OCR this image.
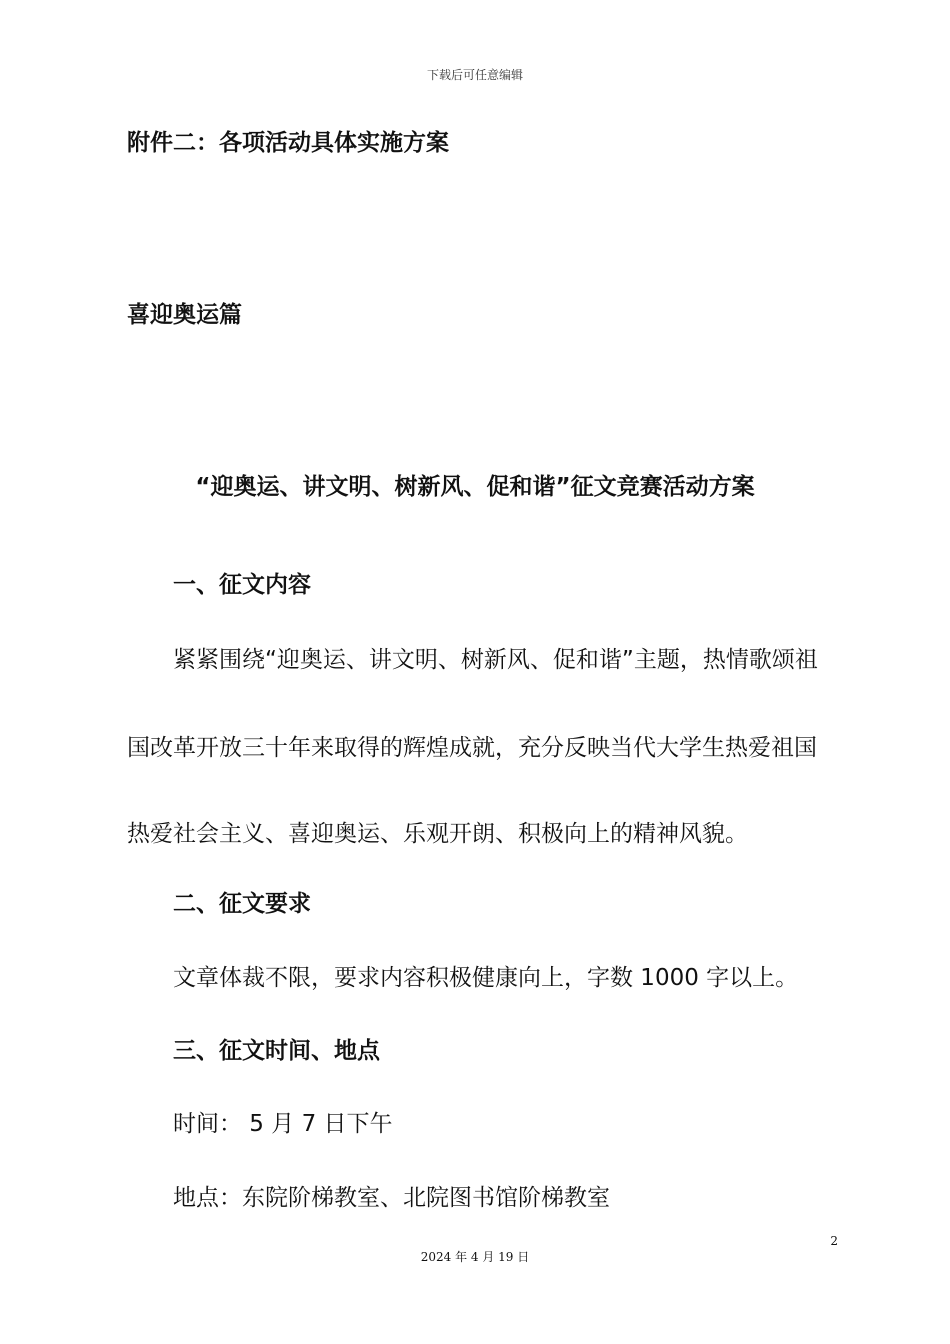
下载后可任意编辑
附件二：各项活动具体实施方案
喜迎奥运篇
“迎奥运、讲文明、树新风、促和谐”征文竞赛活动方案
一、征文内容
紧紧围绕“迎奥运、讲文明、树新风、促和谐”主题，热情歌颂祖
国改革开放三十年来取得的辉煌成就，充分反映当代大学生热爱祖国
热爱社会主义、喜迎奥运、乐观开朗、积极向上的精神风貌。
二、征文要求
文章体裁不限，要求内容积极健康向上，字数 1000 字以上。
三、征文时间、地点
时间： 5 月 7 日下午
地点：东院阶梯教室、北院图书馆阶梯教室
2
2024 年 4 月 19 日
